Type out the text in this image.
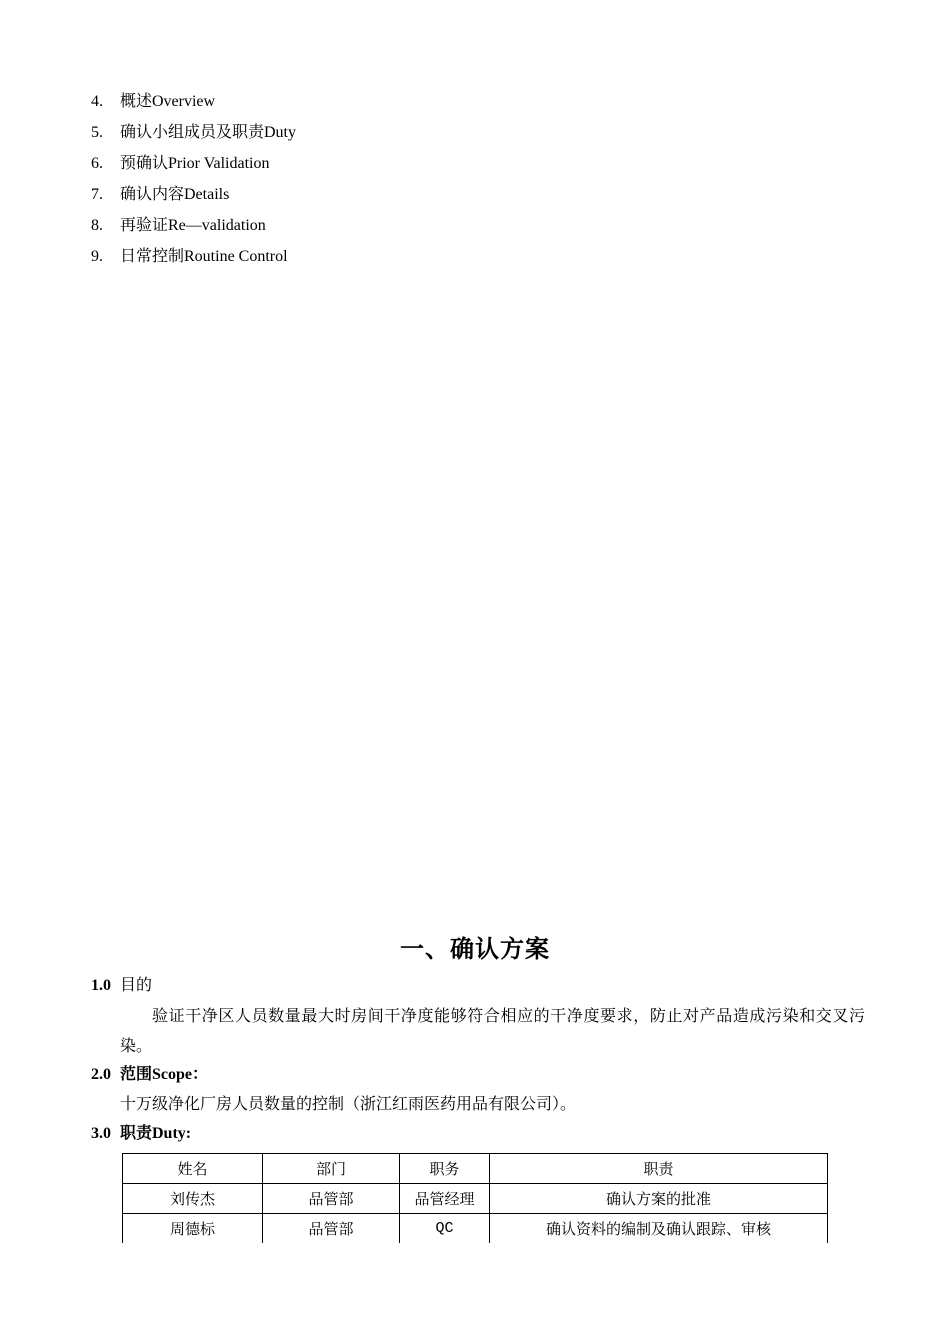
4. 概述Overview
5. 确认小组成员及职责Duty
6. 预确认Prior Validation
7. 确认内容Details
8. 再验证Re—validation
9. 日常控制Routine Control
一、确认方案
1.0 目的
验证干净区人员数量最大时房间干净度能够符合相应的干净度要求，防止对产品造成污染和交叉污染。
2.0 范围Scope：
十万级净化厂房人员数量的控制（浙江红雨医药用品有限公司）。
3.0 职责Duty:
姓名	部门	职务	职责
刘传杰	品管部	品管经理	确认方案的批准
周德标	品管部	QC	确认资料的编制及确认跟踪、审核
